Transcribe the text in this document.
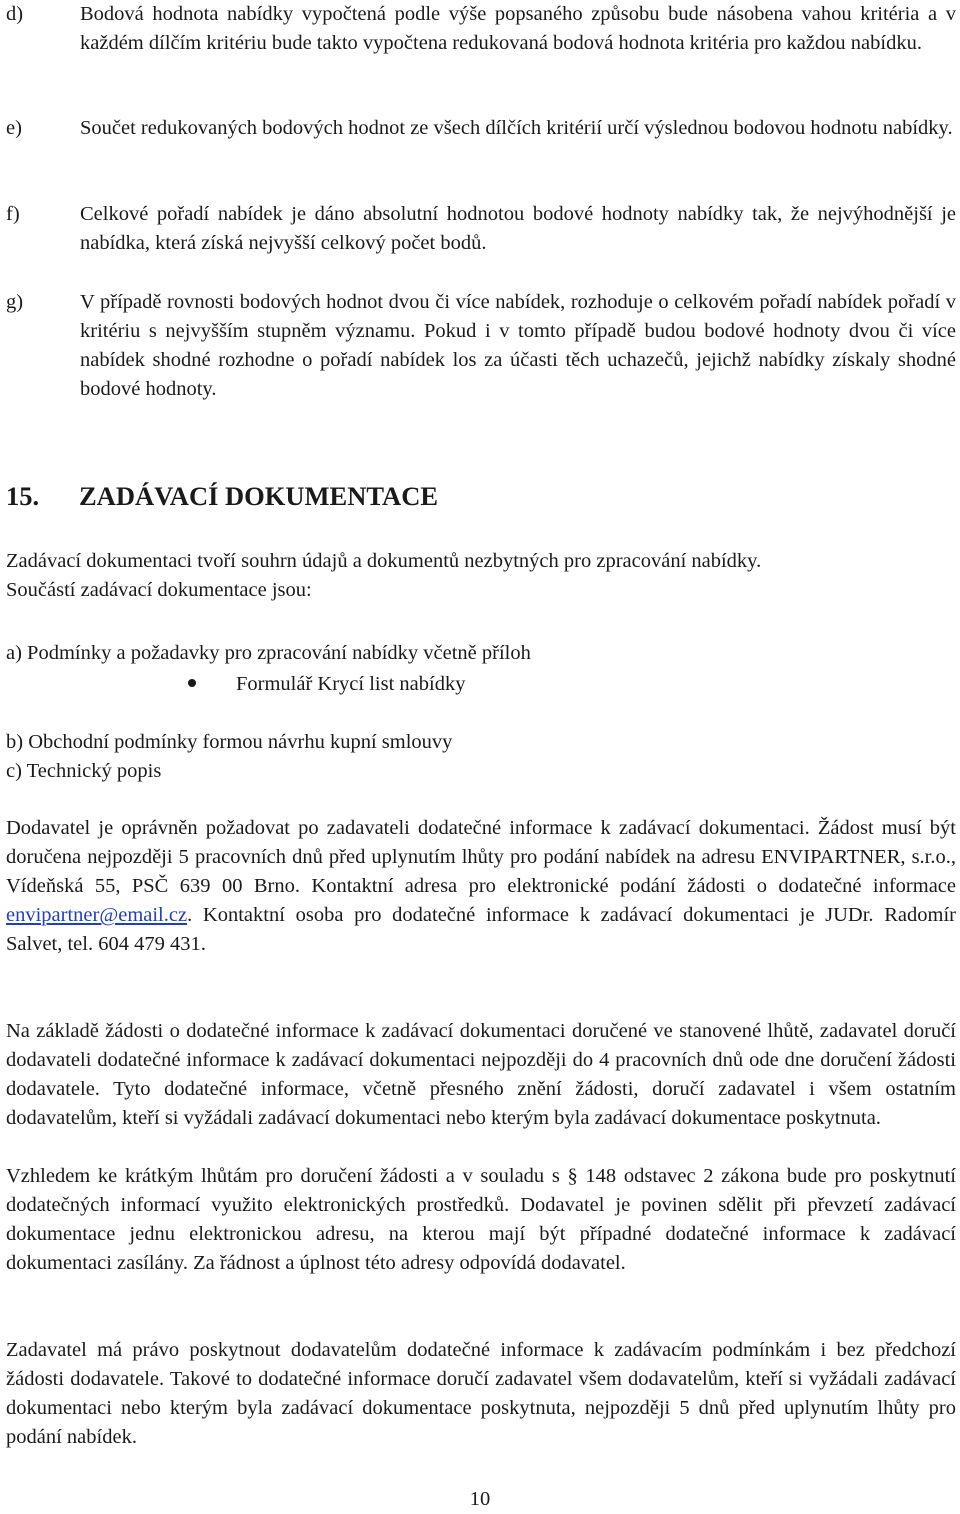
d)	Bodová hodnota nabídky vypočtená podle výše popsaného způsobu bude násobena vahou kritéria a v každém dílčím kritériu bude takto vypočtena redukovaná bodová hodnota kritéria pro každou nabídku.
e)	Součet redukovaných bodových hodnot ze všech dílčích kritérií určí výslednou bodovou hodnotu nabídky.
f)	Celkové pořadí nabídek je dáno absolutní hodnotou bodové hodnoty nabídky tak, že nejvýhodnější je nabídka, která získá nejvyšší celkový počet bodů.
g)	V případě rovnosti bodových hodnot dvou či více nabídek, rozhoduje o celkovém pořadí nabídek pořadí v kritériu s nejvyšším stupněm významu. Pokud i v tomto případě budou bodové hodnoty dvou či více nabídek shodné rozhodne o pořadí nabídek los za účasti těch uchazečů, jejichž nabídky získaly shodné bodové hodnoty.
15. ZADÁVACÍ DOKUMENTACE
Zadávací dokumentaci tvoří souhrn údajů a dokumentů nezbytných pro zpracování nabídky.
Součástí zadávací dokumentace jsou:
a) Podmínky a požadavky pro zpracování nabídky včetně příloh
Formulář Krycí list nabídky
b) Obchodní podmínky formou návrhu kupní smlouvy
c) Technický popis
Dodavatel je oprávněn požadovat po zadavateli dodatečné informace k zadávací dokumentaci. Žádost musí být doručena nejpozději 5 pracovních dnů před uplynutím lhůty pro podání nabídek na adresu ENVIPARTNER, s.r.o., Vídeňská 55, PSČ 639 00 Brno. Kontaktní adresa pro elektronické podání žádosti o dodatečné informace envipartner@email.cz. Kontaktní osoba pro dodatečné informace k zadávací dokumentaci je JUDr. Radomír Salvet, tel. 604 479 431.
Na základě žádosti o dodatečné informace k zadávací dokumentaci doručené ve stanovené lhůtě, zadavatel doručí dodavateli dodatečné informace k zadávací dokumentaci nejpozději do 4 pracovních dnů ode dne doručení žádosti dodavatele. Tyto dodatečné informace, včetně přesného znění žádosti, doručí zadavatel i všem ostatním dodavatelům, kteří si vyžádali zadávací dokumentaci nebo kterým byla zadávací dokumentace poskytnuta.
Vzhledem ke krátkým lhůtám pro doručení žádosti a v souladu s § 148 odstavec 2 zákona bude pro poskytnutí dodatečných informací využito elektronických prostředků. Dodavatel je povinen sdělit při převzetí zadávací dokumentace jednu elektronickou adresu, na kterou mají být případné dodatečné informace k zadávací dokumentaci zasílány. Za řádnost a úplnost této adresy odpovídá dodavatel.
Zadavatel má právo poskytnout dodavatelům dodatečné informace k zadávacím podmínkám i bez předchozí žádosti dodavatele. Takové to dodatečné informace doručí zadavatel všem dodavatelům, kteří si vyžádali zadávací dokumentaci nebo kterým byla zadávací dokumentace poskytnuta, nejpozději 5 dnů před uplynutím lhůty pro podání nabídek.
10
